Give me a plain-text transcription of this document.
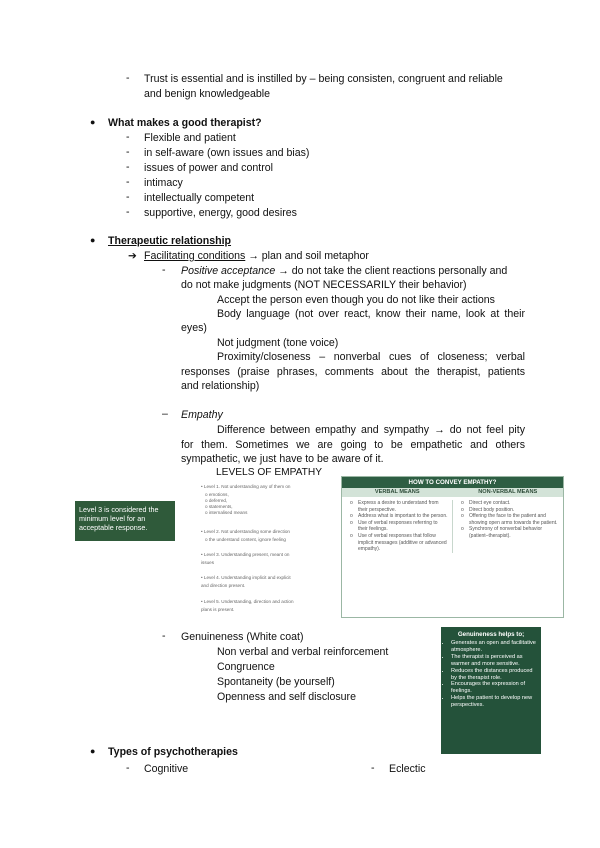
- Trust is essential and is instilled by – being consisten, congruent and reliable
and benign knowledgeable
● What makes a good therapist?
- Flexible and patient
- in self-aware (own issues and bias)
- issues of power and control
- intimacy
- intellectually competent
- supportive, energy, good desires
● Therapeutic relationship
➔ Facilitating conditions → plan and soil metaphor
- Positive acceptance → do not take the client reactions personally and
do not make judgments (NOT NECESSARILY their behavior)
Accept the person even though you do not like their actions
Body language (not over react, know their name, look at their
eyes)
Not judgment (tone voice)
Proximity/closeness – nonverbal cues of closeness; verbal
responses (praise phrases, comments about the therapist, patients
and relationship)
– Empathy
Difference between empathy and sympathy → do not feel pity
for them. Sometimes we are going to be empathetic and others
sympathetic, we just have to be aware of it.
LEVELS OF EMPATHY
Level 3 is considered the minimum level for an acceptable response.
• Level 1. Not understanding any of them on
o emotions,
o deferred,
o statements,
o internalised means
• Level 2. Not understanding some direction
o the understand content, ignore feeling
• Level 3. Understanding present, meant on
issues
• Level 4. Understanding implicit and explicit
and direction present.
• Level 5. Understanding, direction and action
plans is present.
HOW TO CONVEY EMPATHY?
VERBAL MEANS	NON-VERBAL MEANS
o Express a desire to understand from their perspective.
o Address what is important to the person.
o Use of verbal responses referring to their feelings.
o Use of verbal responses that follow implicit messages (additive or advanced empathy).
o Direct eye contact.
o Direct body position.
o Offering the face to the patient and showing open arms towards the patient.
o Synchrony of nonverbal behavior (patient–therapist).
- Genuineness (White coat)
Non verbal and verbal reinforcement
Congruence
Spontaneity (be yourself)
Openness and self disclosure
Genuineness helps to;
• Generates an open and facilitative atmosphere.
• The therapist is perceived as warmer and more sensitive.
• Reduces the distances produced by the therapist role.
• Encourages the expression of feelings.
• Helps the patient to develop new perspectives.
● Types of psychotherapies
- Cognitive	- Eclectic
